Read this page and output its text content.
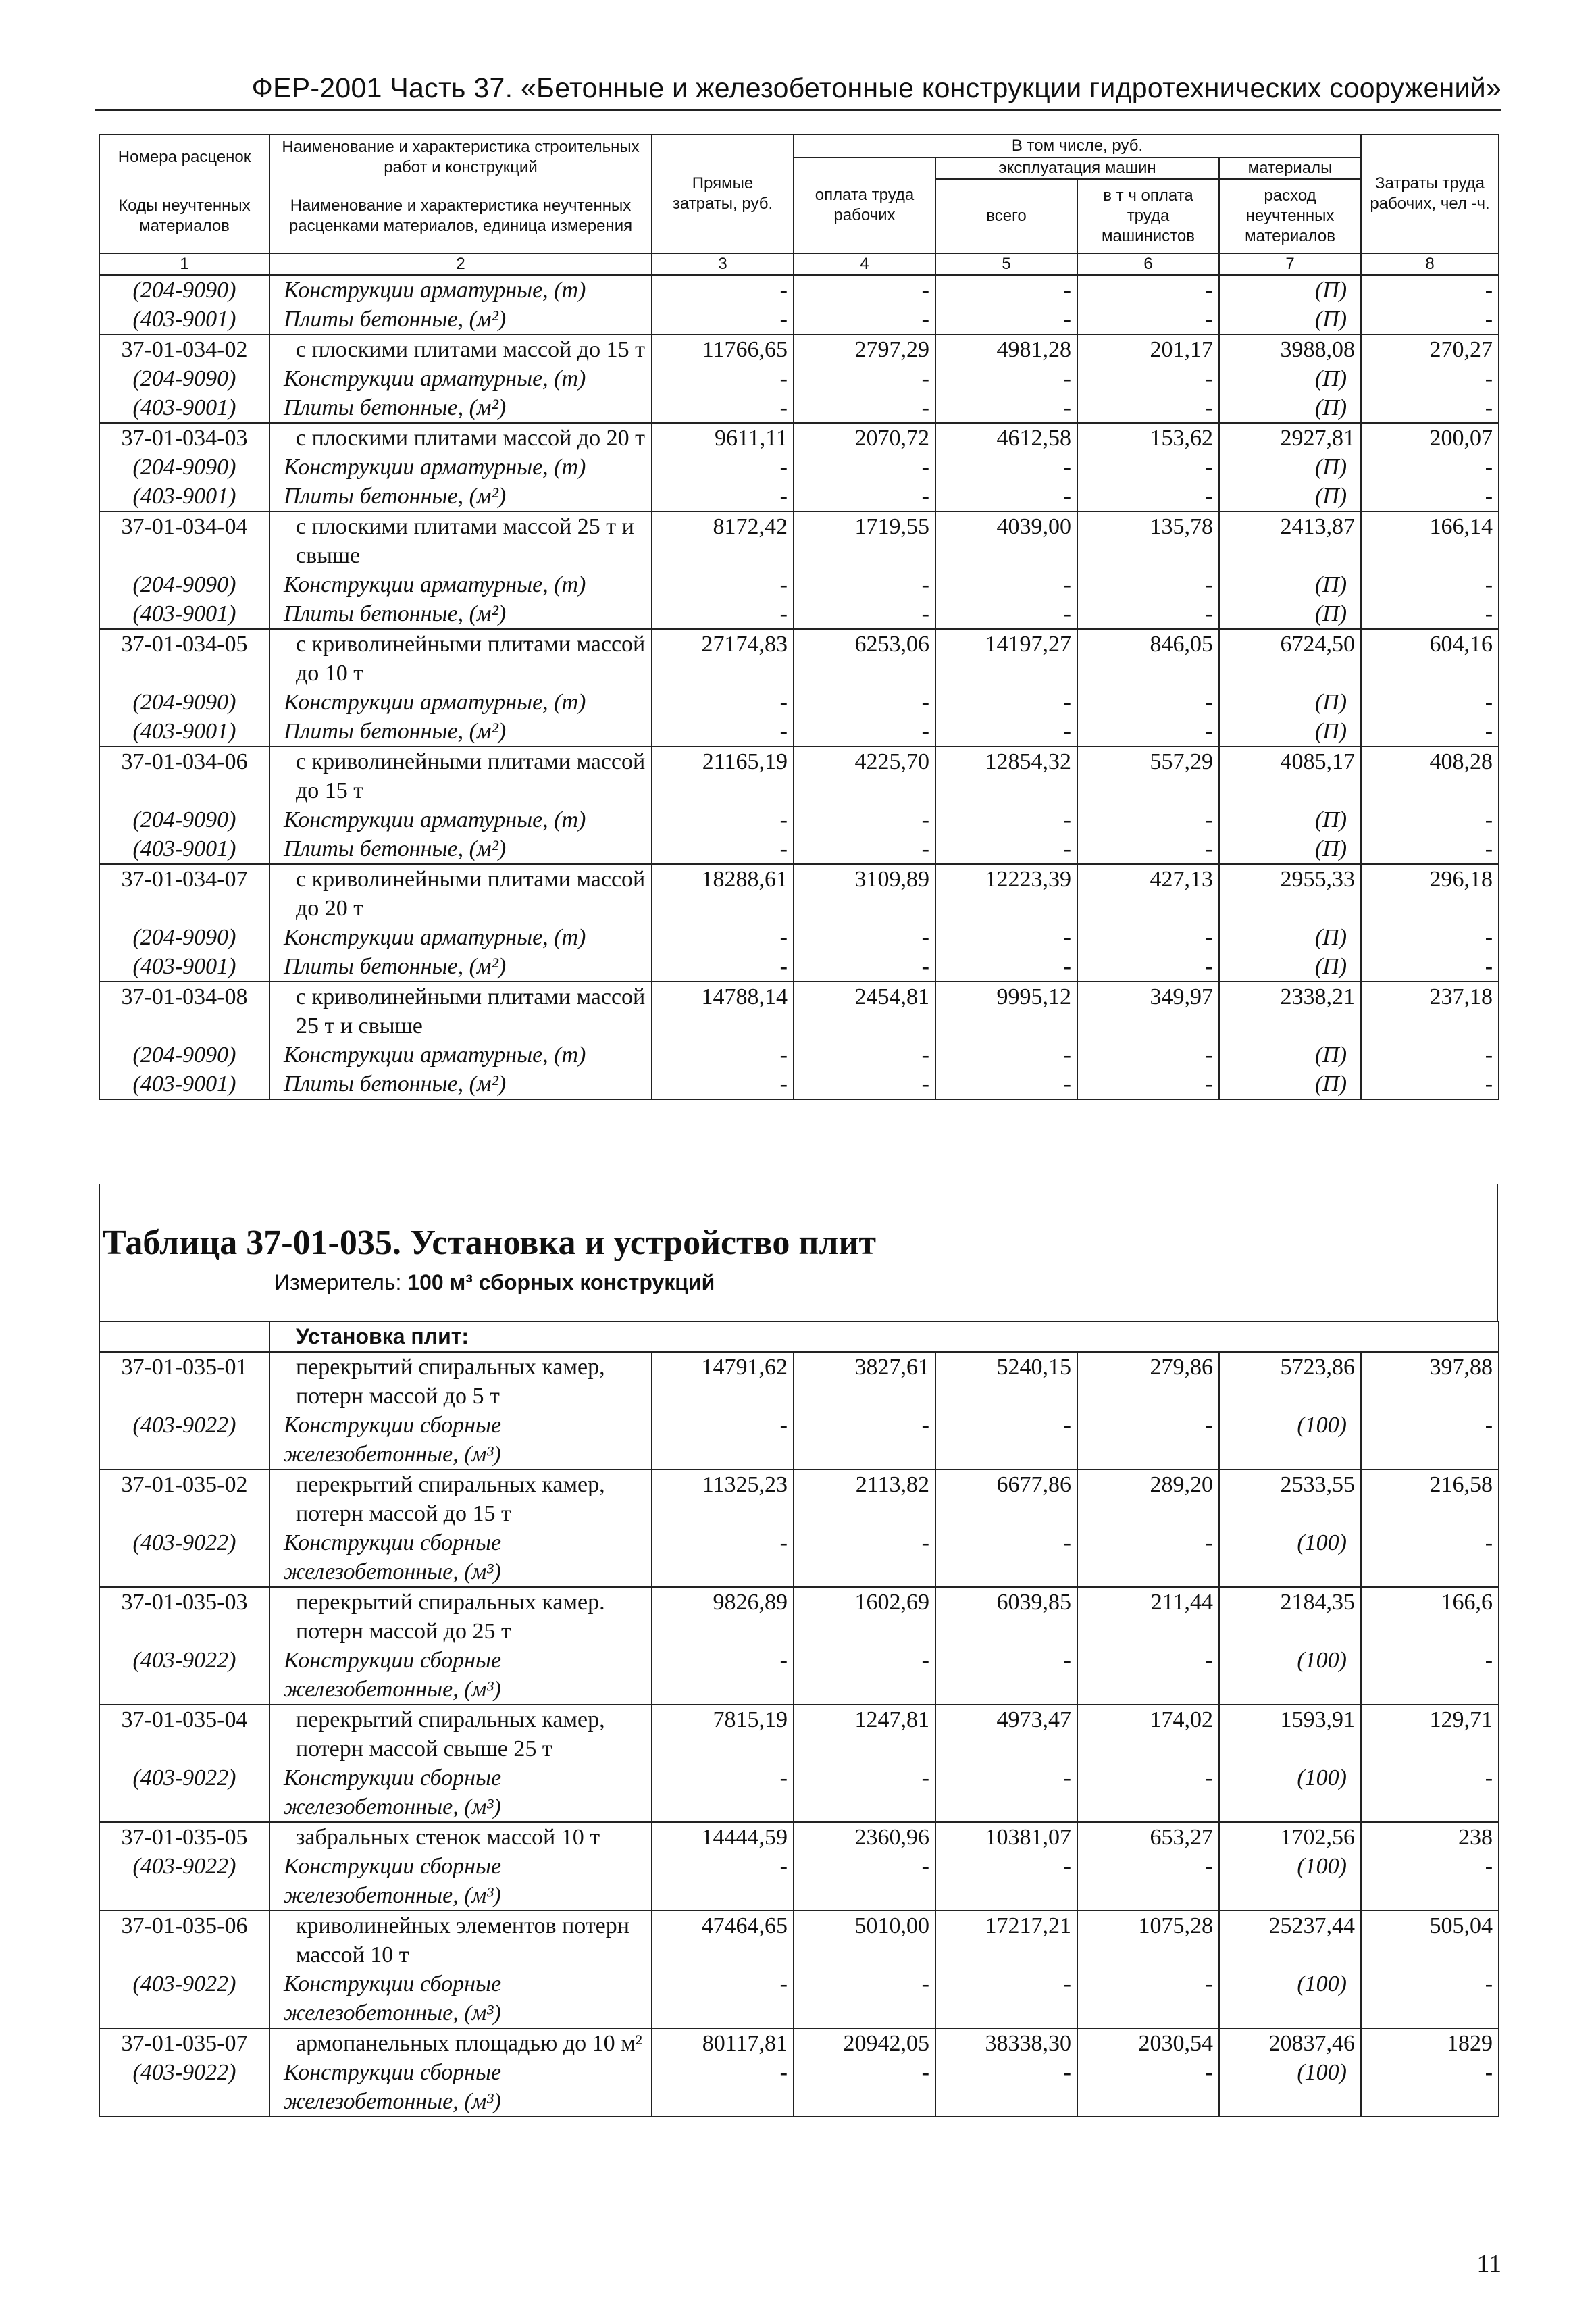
ФЕР-2001 Часть 37. «Бетонные и железобетонные конструкции гидротехнических сооружений»
Номера расценок	Наименование и характеристика строительных работ и конструкций	Прямые затраты, руб.	В том числе, руб.				Затраты труда рабочих, чел -ч.
			оплата труда рабочих	эксплуатация машин		материалы	
Коды неучтенных материалов	Наименование и характеристика неучтенных расценками материалов, единица измерения			всего	в т ч оплата труда машинистов	расход неучтенных материалов	

1	2	3	4	5	6	7	8
(204-9090)	Конструкции арматурные, (т)	-	-	-	-	(П)	-
(403-9001)	Плиты бетонные, (м²)	-	-	-	-	(П)	-
37-01-034-02	с плоскими плитами массой до 15 т	11766,65	2797,29	4981,28	201,17	3988,08	270,27
(204-9090)	Конструкции арматурные, (т)	-	-	-	-	(П)	-
(403-9001)	Плиты бетонные, (м²)	-	-	-	-	(П)	-
37-01-034-03	с плоскими плитами массой до 20 т	9611,11	2070,72	4612,58	153,62	2927,81	200,07
(204-9090)	Конструкции арматурные, (т)	-	-	-	-	(П)	-
(403-9001)	Плиты бетонные, (м²)	-	-	-	-	(П)	-
37-01-034-04	с плоскими плитами массой 25 т и свыше	8172,42	1719,55	4039,00	135,78	2413,87	166,14
(204-9090)	Конструкции арматурные, (т)	-	-	-	-	(П)	-
(403-9001)	Плиты бетонные, (м²)	-	-	-	-	(П)	-
37-01-034-05	с криволинейными плитами массой до 10 т	27174,83	6253,06	14197,27	846,05	6724,50	604,16
(204-9090)	Конструкции арматурные, (т)	-	-	-	-	(П)	-
(403-9001)	Плиты бетонные, (м²)	-	-	-	-	(П)	-
37-01-034-06	с криволинейными плитами массой до 15 т	21165,19	4225,70	12854,32	557,29	4085,17	408,28
(204-9090)	Конструкции арматурные, (т)	-	-	-	-	(П)	-
(403-9001)	Плиты бетонные, (м²)	-	-	-	-	(П)	-
37-01-034-07	с криволинейными плитами массой до 20 т	18288,61	3109,89	12223,39	427,13	2955,33	296,18
(204-9090)	Конструкции арматурные, (т)	-	-	-	-	(П)	-
(403-9001)	Плиты бетонные, (м²)	-	-	-	-	(П)	-
37-01-034-08	с криволинейными плитами массой 25 т и свыше	14788,14	2454,81	9995,12	349,97	2338,21	237,18
(204-9090)	Конструкции арматурные, (т)	-	-	-	-	(П)	-
(403-9001)	Плиты бетонные, (м²)	-	-	-	-	(П)	-
Таблица 37-01-035. Установка и устройство плит
Измеритель: 100 м³ сборных конструкций
	Установка плит:						
37-01-035-01	перекрытий спиральных камер, потерн массой до 5 т	14791,62	3827,61	5240,15	279,86	5723,86	397,88
(403-9022)	Конструкции сборные железобетонные, (м³)	-	-	-	-	(100)	-
37-01-035-02	перекрытий спиральных камер, потерн массой до 15 т	11325,23	2113,82	6677,86	289,20	2533,55	216,58
(403-9022)	Конструкции сборные железобетонные, (м³)	-	-	-	-	(100)	-
37-01-035-03	перекрытий спиральных камер. потерн массой до 25 т	9826,89	1602,69	6039,85	211,44	2184,35	166,6
(403-9022)	Конструкции сборные железобетонные, (м³)	-	-	-	-	(100)	-
37-01-035-04	перекрытий спиральных камер, потерн массой свыше 25 т	7815,19	1247,81	4973,47	174,02	1593,91	129,71
(403-9022)	Конструкции сборные железобетонные, (м³)	-	-	-	-	(100)	-
37-01-035-05	забральных стенок массой 10 т	14444,59	2360,96	10381,07	653,27	1702,56	238
(403-9022)	Конструкции сборные железобетонные, (м³)	-	-	-	-	(100)	-
37-01-035-06	криволинейных элементов потерн массой 10 т	47464,65	5010,00	17217,21	1075,28	25237,44	505,04
(403-9022)	Конструкции сборные железобетонные, (м³)	-	-	-	-	(100)	-
37-01-035-07	армопанельных площадью до 10 м²	80117,81	20942,05	38338,30	2030,54	20837,46	1829
(403-9022)	Конструкции сборные железобетонные, (м³)	-	-	-	-	(100)	-
11
